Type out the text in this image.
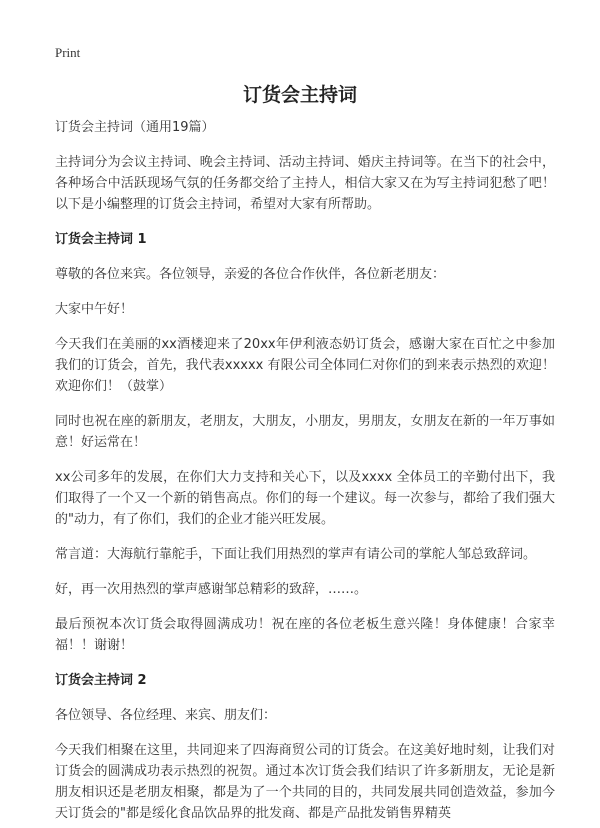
Print
订货会主持词

订货会主持词（通用19篇）

主持词分为会议主持词、晚会主持词、活动主持词、婚庆主持词等。在当下的社会中，各种场合中活跃现场气氛的任务都交给了主持人，相信大家又在为写主持词犯愁了吧！以下是小编整理的订货会主持词，希望对大家有所帮助。

订货会主持词 1

尊敬的各位来宾。各位领导，亲爱的各位合作伙伴，各位新老朋友：

大家中午好！

今天我们在美丽的xx酒楼迎来了20xx年伊利液态奶订货会，感谢大家在百忙之中参加我们的订货会，首先，我代表xxxxx 有限公司全体同仁对你们的到来表示热烈的欢迎！欢迎你们！（鼓掌）

同时也祝在座的新朋友，老朋友，大朋友，小朋友，男朋友，女朋友在新的一年万事如意！好运常在！

xx公司多年的发展，在你们大力支持和关心下，以及xxxx 全体员工的辛勤付出下，我们取得了一个又一个新的销售高点。你们的每一个建议。每一次参与，都给了我们强大的"动力，有了你们，我们的企业才能兴旺发展。

常言道：大海航行靠舵手，下面让我们用热烈的掌声有请公司的掌舵人邹总致辞词。

好，再一次用热烈的掌声感谢邹总精彩的致辞，……。

最后预祝本次订货会取得圆满成功！祝在座的各位老板生意兴隆！身体健康！合家幸福！！谢谢！

订货会主持词 2

各位领导、各位经理、来宾、朋友们：

今天我们相聚在这里，共同迎来了四海商贸公司的订货会。在这美好地时刻，让我们对订货会的圆满成功表示热烈的祝贺。通过本次订货会我们结识了许多新朋友，无论是新朋友相识还是老朋友相聚，都是为了一个共同的目的，共同发展共同创造效益，参加今天订货会的"都是绥化食品饮品界的批发商、都是产品批发销售界精英
